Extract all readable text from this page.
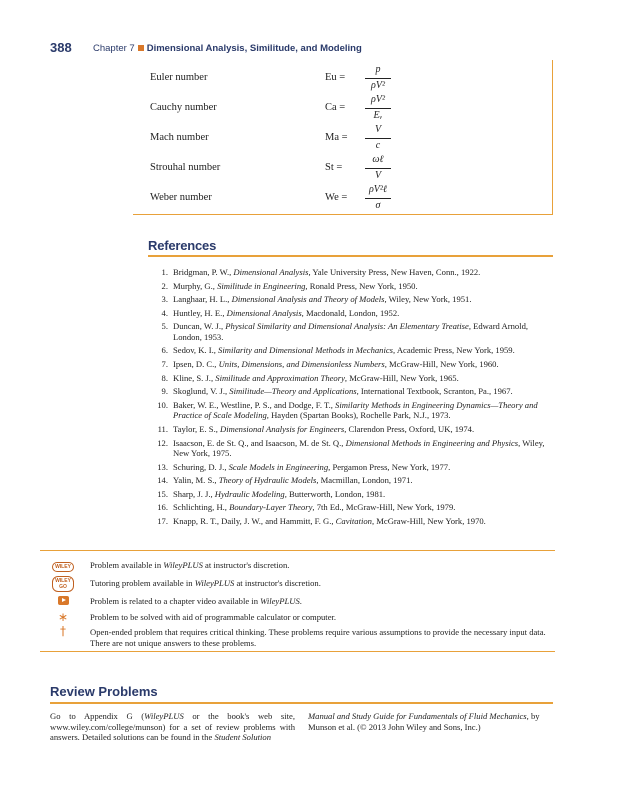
388 Chapter 7 Dimensional Analysis, Similitude, and Modeling
Euler number	Eu =
p
ρV²
Cauchy number	Ca =
ρV²
Eᵥ
Mach number	Ma =
V
c
Strouhal number	St =
ωℓ
V
Weber number	We =
ρV²ℓ
σ
References
1. Bridgman, P. W., Dimensional Analysis, Yale University Press, New Haven, Conn., 1922.
2. Murphy, G., Similitude in Engineering, Ronald Press, New York, 1950.
3. Langhaar, H. L., Dimensional Analysis and Theory of Models, Wiley, New York, 1951.
4. Huntley, H. E., Dimensional Analysis, Macdonald, London, 1952.
5. Duncan, W. J., Physical Similarity and Dimensional Analysis: An Elementary Treatise, Edward Arnold, London, 1953.
6. Sedov, K. I., Similarity and Dimensional Methods in Mechanics, Academic Press, New York, 1959.
7. Ipsen, D. C., Units, Dimensions, and Dimensionless Numbers, McGraw-Hill, New York, 1960.
8. Kline, S. J., Similitude and Approximation Theory, McGraw-Hill, New York, 1965.
9. Skoglund, V. J., Similitude—Theory and Applications, International Textbook, Scranton, Pa., 1967.
10. Baker, W. E., Westline, P. S., and Dodge, F. T., Similarity Methods in Engineering Dynamics—Theory and Practice of Scale Modeling, Hayden (Spartan Books), Rochelle Park, N.J., 1973.
11. Taylor, E. S., Dimensional Analysis for Engineers, Clarendon Press, Oxford, UK, 1974.
12. Isaacson, E. de St. Q., and Isaacson, M. de St. Q., Dimensional Methods in Engineering and Physics, Wiley, New York, 1975.
13. Schuring, D. J., Scale Models in Engineering, Pergamon Press, New York, 1977.
14. Yalin, M. S., Theory of Hydraulic Models, Macmillan, London, 1971.
15. Sharp, J. J., Hydraulic Modeling, Butterworth, London, 1981.
16. Schlichting, H., Boundary-Layer Theory, 7th Ed., McGraw-Hill, New York, 1979.
17. Knapp, R. T., Daily, J. W., and Hammitt, F. G., Cavitation, McGraw-Hill, New York, 1970.
WILEY	Problem available in WileyPLUS at instructor's discretion.
WILEY
GO	Tutoring problem available in WileyPLUS at instructor's discretion.
Problem is related to a chapter video available in WileyPLUS.
∗	Problem to be solved with aid of programmable calculator or computer.
†	Open-ended problem that requires critical thinking. These problems require various assumptions to provide the necessary input data. There are not unique answers to these problems.
Review Problems
Go to Appendix G (WileyPLUS or the book's web site, www.wiley.com/college/munson) for a set of review problems with answers. Detailed solutions can be found in the Student Solution
Manual and Study Guide for Fundamentals of Fluid Mechanics, by Munson et al. (© 2013 John Wiley and Sons, Inc.)
